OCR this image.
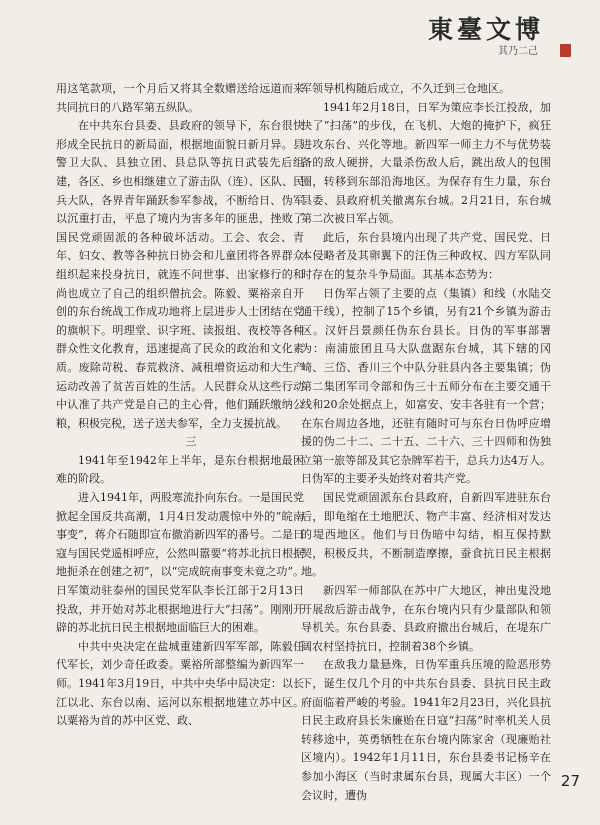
東臺文博
其乃二己

用这笔款项，一个月后又将其全数赠送给远道而来共同抗日的八路军第五纵队。

在中共东台县委、县政府的领导下，东台很快形成全民抗日的新局面，根据地面貌日新月异。县警卫大队、县独立团、县总队等抗日武装先后组建，各区、乡也相继建立了游击队（连）、区队、民兵大队，各界青年踊跃参军参战，不断给日、伪军以沉重打击，平息了境内为害多年的匪患，挫败了国民党顽固派的各种破坏活动。工会、农会、青年、妇女、教等各种抗日协会和儿童团将各界群众组织起来投身抗日，就连不问世事、出家修行的和尚也成立了自己的组织僧抗会。陈毅、粟裕亲自开创的东台统战工作成功地将上层进步人士团结在党的旗帜下。明理堂、识字班、读报组、夜校等各种群众性文化教育，迅速提高了民众的政治和文化素质。废除苛税、春荒救济、减租增资运动和大生产运动改善了贫苦百姓的生活。人民群众从这些行动中认准了共产党是自己的主心骨，他们踊跃缴纳公粮，积极完税，送子送夫参军，全力支援抗战。

三

1941年至1942年上半年，是东台根据地最困难的阶段。

进入1941年，两股寒流扑向东台。一是国民党掀起全国反共高潮，1月4日发动震惊中外的“皖南事变”，蒋介石随即宣布撤消新四军的番号。二是日寇与国民党遥相呼应，公然叫嚣要“将苏北抗日根据地扼杀在创建之初”，以“完成皖南事变未竟之功”。日军策动驻泰州的国民党军队李长江部于2月13日投敌，并开始对苏北根据地进行大“扫荡”。刚刚开辟的苏北抗日民主根据地面临巨大的困难。

中共中央决定在盐城重建新四军军部，陈毅任代军长，刘少奇任政委。粟裕所部整编为新四军一师。1941年3月19日，中共中央华中局决定：以长江以北、东台以南、运河以东根据地建立苏中区。以粟裕为首的苏中区党、政、

军领导机构随后成立，不久迁到三仓地区。

1941年2月18日，日军为策应李长江投敌，加快了“扫荡”的步伐，在飞机、大炮的掩护下，疯狂进攻东台、兴化等地。新四军一师主力不与优势装备的敌人硬拼，大量杀伤敌人后，跳出敌人的包围圈，转移到东部沿海地区。为保存有生力量，东台县委、县政府机关撤离东台城。2月21日，东台城第二次被日军占领。

此后，东台县境内出现了共产党、国民党、日本侵略者及其卵翼下的汪伪三种政权、四方军队同时存在的复杂斗争局面。其基本态势为：

日伪军占领了主要的点（集镇）和线（水陆交通干线），控制了15个乡镇，另有21个乡镇为游击区。汉奸吕景颜任伪东台县长。日伪的军事部署为：南浦旅团且马大队盘踞东台城，其下辖的冈崎、三岱、香川三个中队分驻县内各主要集镇；伪第二集团军司令部和伪三十五师分布在主要交通干线和20余处据点上，如富安、安丰各驻有一个营；在东台周边各地，还驻有随时可与东台日伪呼应增援的伪二十二、二十五、二十六、三十四师和伪独立第一旅等部及其它杂牌军若干，总兵力达4万人。日伪军的主要矛头始终对着共产党。

国民党顽固派东台县政府，自新四军进驻东台后，即龟缩在土地肥沃、物产丰富、经济相对发达的堤西地区。他们与日伪暗中勾结，相互保持默契，积极反共，不断制造摩擦，蚕食抗日民主根据地。

新四军一师部队在苏中广大地区，神出鬼没地开展敌后游击战争，在东台境内只有少量部队和领导机关。东台县委、县政府撤出台城后，在堤东广阔农村坚持抗日，控制着38个乡镇。

在敌我力量悬殊，日伪军重兵压境的险恶形势下，诞生仅几个月的中共东台县委、县抗日民主政府面临着严峻的考验。1941年2月23日，兴化县抗日民主政府县长朱廉贻在日寇“扫荡”时率机关人员转移途中，英勇牺牲在东台境内陈家舍（现廉贻社区境内）。1942年1月11日，东台县委书记杨辛在参加小海区（当时隶属东台县，现属大丰区）一个会议时，遭伪

27
